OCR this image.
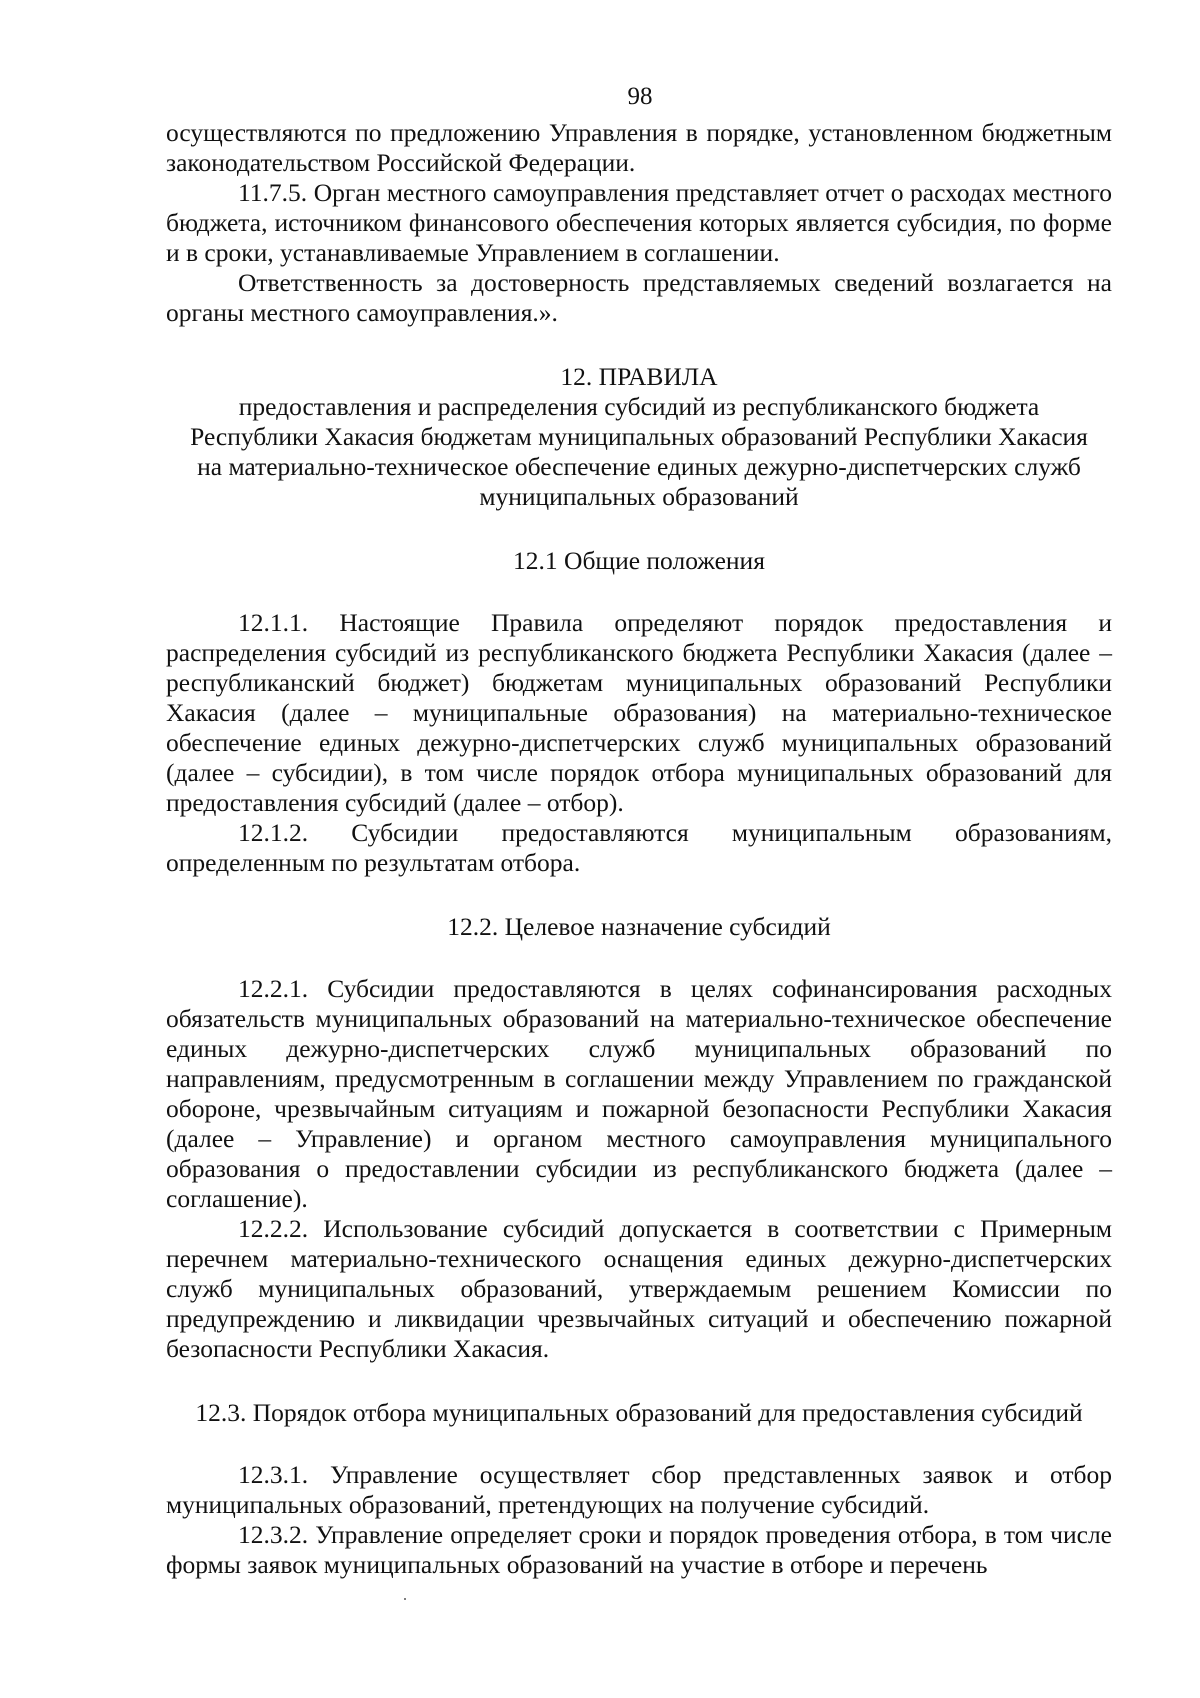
98

осуществляются по предложению Управления в порядке, установленном бюджетным законодательством Российской Федерации.

11.7.5. Орган местного самоуправления представляет отчет о расходах местного бюджета, источником финансового обеспечения которых является субсидия, по форме и в сроки, устанавливаемые Управлением в соглашении.

Ответственность за достоверность представляемых сведений возлагается на органы местного самоуправления.».

12. ПРАВИЛА

предоставления и распределения субсидий из республиканского бюджета

Республики Хакасия бюджетам муниципальных образований Республики Хакасия

на материально-техническое обеспечение единых дежурно-диспетчерских служб

муниципальных образований

12.1 Общие положения

12.1.1. Настоящие Правила определяют порядок предоставления и распределения субсидий из республиканского бюджета Республики Хакасия (далее – республиканский бюджет) бюджетам муниципальных образований Республики Хакасия (далее – муниципальные образования) на материально-техническое обеспечение единых дежурно-диспетчерских служб муниципальных образований (далее – субсидии), в том числе порядок отбора муниципальных образований для предоставления субсидий (далее – отбор).

12.1.2. Субсидии предоставляются муниципальным образованиям, определенным по результатам отбора.

12.2. Целевое назначение субсидий

12.2.1. Субсидии предоставляются в целях софинансирования расходных обязательств муниципальных образований на материально-техническое обеспечение единых дежурно-диспетчерских служб муниципальных образований по направлениям, предусмотренным в соглашении между Управлением по гражданской обороне, чрезвычайным ситуациям и пожарной безопасности Республики Хакасия (далее – Управление) и органом местного самоуправления муниципального образования о предоставлении субсидии из республиканского бюджета (далее – соглашение).

12.2.2. Использование субсидий допускается в соответствии с Примерным перечнем материально-технического оснащения единых дежурно-диспетчерских служб муниципальных образований, утверждаемым решением Комиссии по предупреждению и ликвидации чрезвычайных ситуаций и обеспечению пожарной безопасности Республики Хакасия.

12.3. Порядок отбора муниципальных образований для предоставления субсидий

12.3.1. Управление осуществляет сбор представленных заявок и отбор муниципальных образований, претендующих на получение субсидий.

12.3.2. Управление определяет сроки и порядок проведения отбора, в том числе формы заявок муниципальных образований на участие в отборе и перечень
